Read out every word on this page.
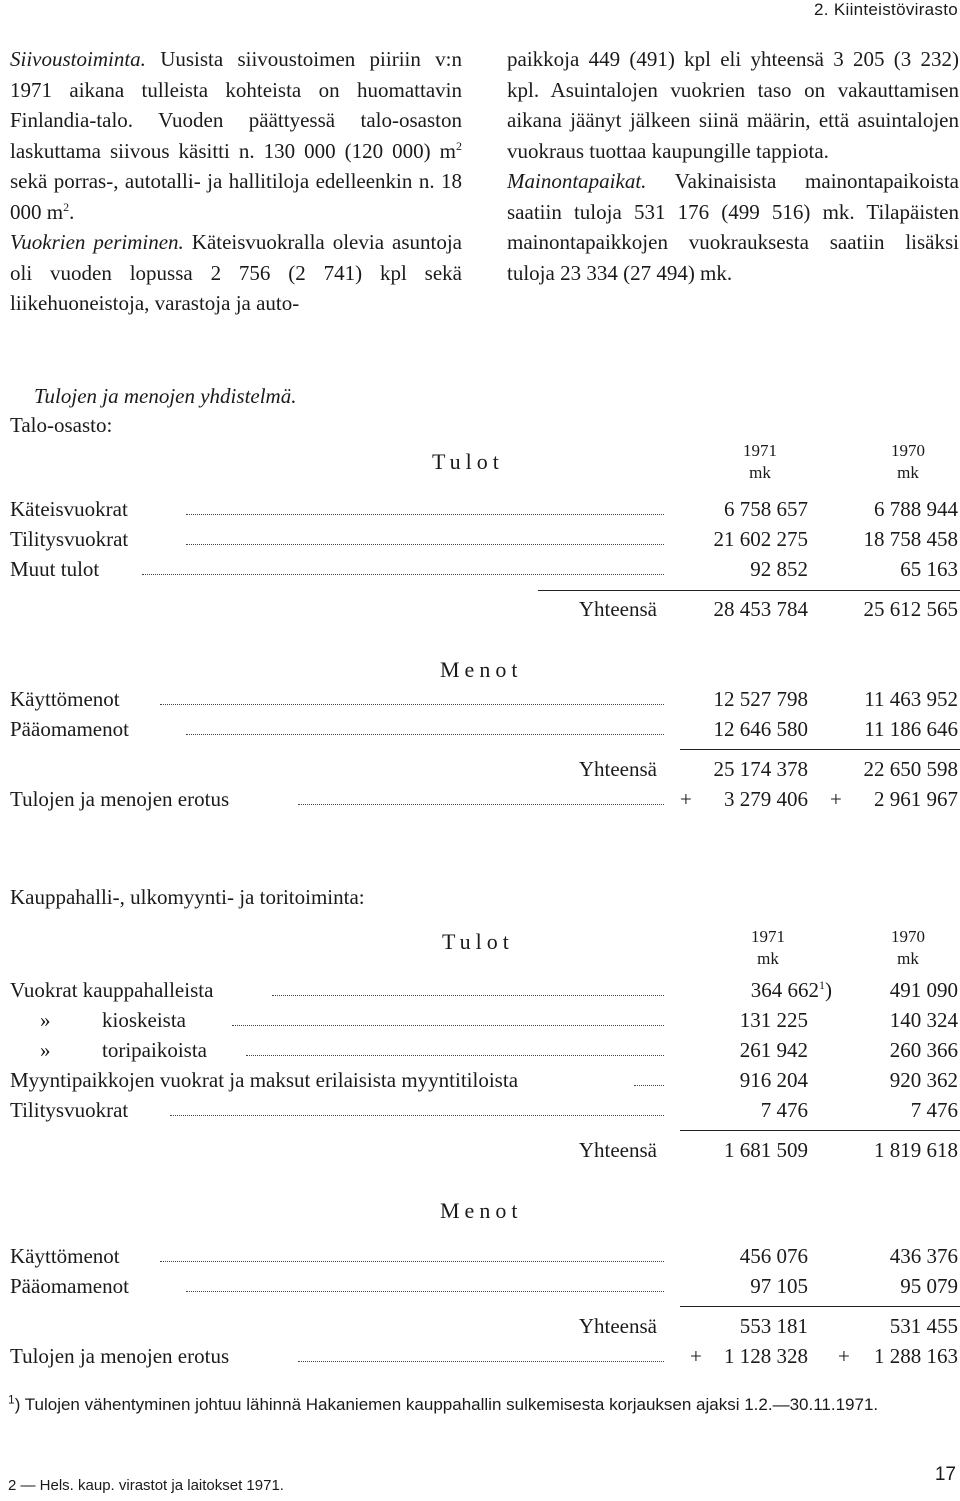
2. Kiinteistövirasto

Siivoustoiminta. Uusista siivoustoimen piiriin v:n 1971 aikana tulleista kohteista on huomattavin Finlandia-talo. Vuoden päättyessä talo-osaston laskuttama siivous käsitti n. 130 000 (120 000) $m^2$ sekä porras-, autotalli- ja hallitiloja edelleenkin n. 18 000 $m^2$.

Vuokrien periminen. Käteisvuokralla olevia asuntoja oli vuoden lopussa 2 756 (2 741) kpl sekä liikehuoneistoja, varastoja ja auto-

paikkoja 449 (491) kpl eli yhteensä 3 205 (3 232) kpl. Asuintalojen vuokrien taso on vakauttamisen aikana jäänyt jälkeen siinä määrin, että asuintalojen vuokraus tuottaa kaupungille tappiota.

Mainontapaikat. Vakinaisista mainontapaikoista saatiin tuloja 531 176 (499 516) mk. Tilapäisten mainontapaikkojen vuokrauksesta saatiin lisäksi tuloja 23 334 (27 494) mk.

Tulojen ja menojen yhdistelmä.
Talo-osasto:
Tulot	1971
mk
1970
mk
Käteisvuokrat	6 758 657	6 788 944
Tilitysvuokrat	21 602 275	18 758 458
Muut tulot	92 852	65 163
Yhteensä	28 453 784	25 612 565
Menot
Käyttömenot	12 527 798	11 463 952
Pääomamenot	12 646 580	11 186 646
Yhteensä	25 174 378	22 650 598
Tulojen ja menojen erotus	+ 3 279 406 + 2 961 967
Kauppahalli-, ulkomyynti- ja toritoiminta:
Tulot	1971
mk
1970
mk
Vuokrat kauppahalleista	364 $662^1$)	491 090
» kioskeista	131 225	140 324
» toripaikoista	261 942	260 366
Myyntipaikkojen vuokrat ja maksut erilaisista myyntitiloista	916 204	920 362
Tilitysvuokrat	7 476	7 476
Yhteensä	1 681 509	1 819 618
Menot
Käyttömenot	456 076	436 376
Pääomamenot	97 105	95 079
Yhteensä	553 181	531 455
Tulojen ja menojen erotus	+ 1 128 328 + 1 288 163
$^1$) Tulojen vähentyminen johtuu lähinnä Hakaniemen kauppahallin sulkemisesta korjauksen ajaksi 1.2.—30.11.1971.
2 — Hels. kaup. virastot ja laitokset 1971.
17
